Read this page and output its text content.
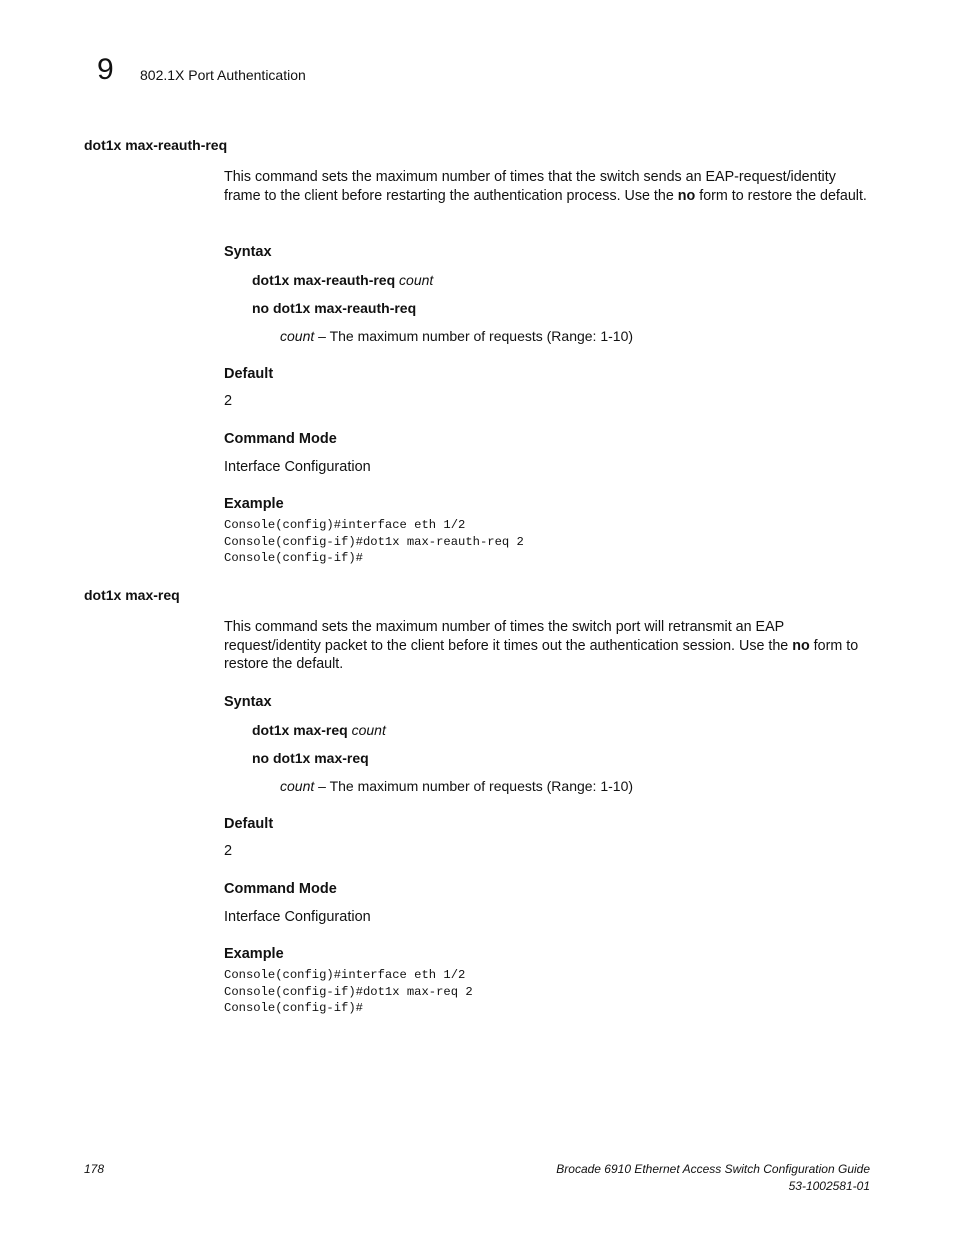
9 802.1X Port Authentication
dot1x max-reauth-req

This command sets the maximum number of times that the switch sends an EAP-request/identity frame to the client before restarting the authentication process. Use the no form to restore the default.

Syntax
dot1x max-reauth-req count
no dot1x max-reauth-req
count – The maximum number of requests (Range: 1-10)
Default
2
Command Mode
Interface Configuration
Example
Console(config)#interface eth 1/2
Console(config-if)#dot1x max-reauth-req 2
Console(config-if)#
dot1x max-req

This command sets the maximum number of times the switch port will retransmit an EAP request/identity packet to the client before it times out the authentication session. Use the no form to restore the default.

Syntax
dot1x max-req count
no dot1x max-req
count – The maximum number of requests (Range: 1-10)
Default
2
Command Mode
Interface Configuration
Example
Console(config)#interface eth 1/2
Console(config-if)#dot1x max-req 2
Console(config-if)#
178	Brocade 6910 Ethernet Access Switch Configuration Guide
53-1002581-01
